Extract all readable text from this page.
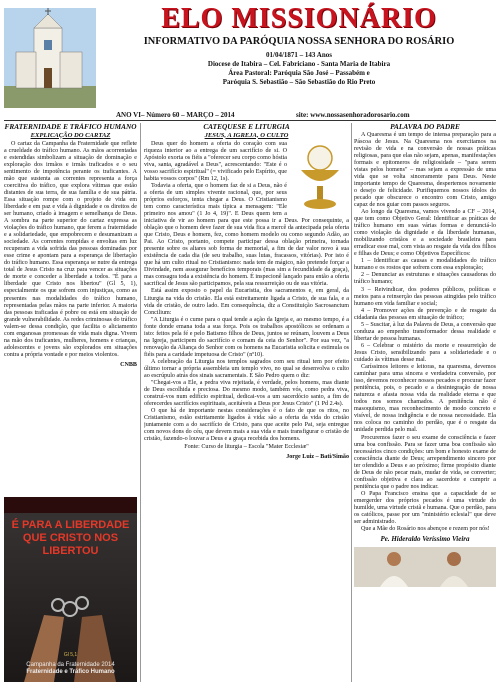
ELO MISSIONÁRIO
INFORMATIVO DA PARÓQUIA NOSSA SENHORA DO ROSÁRIO
01/04/1871 – 143 Anos
Diocese de Itabira – Cel. Fabriciano - Santa Maria de Itabira
Área Pastoral: Paróquia São José – Passabém e
Paróquia S. Sebastião – São Sebastião do Rio Preto
ANO VI– Número 60 – MARÇO – 2014	site: www.nossasenhoradorosario.com
FRATERNIDADE E TRÁFICO HUMANO
EXPLICAÇÃO DO CARTAZ

O cartaz da Campanha da Fraternidade que reflete a crueldade do tráfico humano. As mãos acorrentadas e estendidas simbolizam a situação de dominação e exploração dos irmãos e irmãs traficados e o seu sentimento de impotência perante os traficantes. A mão que sustenta as correntes representa a força coercitiva do tráfico, que explora vítimas que estão distantes de sua terra, de sua família e de sua pátria. Essa situação rompe com o projeto de vida em liberdade e em paz e vida à dignidade e os direitos de ser humano, criado à imagem e semelhança de Deus. A sombra na parte superior do cartaz expressa as violações do tráfico humano, que ferem a fraternidade e a solidariedade, que empobrecem e desumanizam a sociedade. As correntes rompidas e envoltas em luz recuperam a vida sofrida das pessoas dominadas por esse crime e apontam para a esperança de libertação do tráfico humano. Essa esperança se nutre da entrega total de Jesus Cristo na cruz para vencer as situações de morte e conceder a liberdade a todos. "É para a liberdade que Cristo nos libertou" (Gl 5, 1), especialmente os que sofrem com injustiças, como as presentes nas modalidades do tráfico humano, representadas pelas mãos na parte inferior. A maioria das pessoas traficadas é pobre ou está em situação de grande vulnerabilidade. As redes criminosas do tráfico valem-se dessa condição, que facilita o aliciamento com enganosas promessas de vida mais digna. Vivem na mão dos traficantes, mulheres, homens e crianças, adolescentes e jovens são explorados em situações contra a própria vontade e por meios violentos.

CNBB
É PARA A LIBERDADE QUE CRISTO NOS LIBERTOU
Gl 5,1
Campanha da Fraternidade 2014
Fraternidade e Tráfico Humano
CATEQUESE E LITURGIA
JESUS, A IGREJA, O CULTO

Deus quer do homem a oferta do coração com sua riqueza interior ao a entrega de um sacrifício de si. O Apóstolo exorta os fiéis a "oferecer seu corpo como hóstia viva, santa, agradável a Deus", acrescentando: "Este é o vosso sacrifício espiritual" (= vivificado pelo Espírito, que habita vossos corpos" (Rm 12, 1s).

Todavia a oferta, que o homem faz de si a Deus, não é a oferta de um simples vivente racional, que, por seus próprios esforços, tenta chegar a Deus. O Cristianismo tem como característica mais típica a mensagem: "Ele primeiro nos amou" (1 Jo 4, 19)". E Deus quem tem a iniciativa de vir ao homem para que este possa ir a Deus. Por consequinte, a oblação que o homem deve fazer de sua vida fica a mercê da antecipada pela oferta que Cristo, Deus e homem, fez, como homem modelo ou como segundo Adão, ao Pai. Ao Cristo, portanto, compete participar dessa oblação primeira, tornada presente sobre os altares sob forma de memorial, a fim de dar valor novo à sua existência de cada dia (de seu trabalho, suas lutas, fracassos, vitórias). Por isto é que há um culto ritual no Cristianismo: nada tem de mágico, não pretende forçar a Divindade, nem assegurar benefícios temporais (mas sim a fecundidade da graça), mas consagra toda a existência do homem. É inspecionê lançado para então a oferta sacrifical de Jesus são participamos, pela sua ressurreição ou de sua vitória.

Está assim exposto o papel da Eucaristia, dos sacramentos e, em geral, da Liturgia na vida do cristão. Ela está estreitamente ligada a Cristo, de sua fala, e a vida de cristão, de outro lado. Em consequência, diz a Constituição Sacrosanctum Concilium:

"A Liturgia é o cume para o qual tende a ação da Igreja e, ao mesmo tempo, é a fonte donde emana toda a sua força. Pois os trabalhos apostólicos se ordenam a isto: feitos pela fé e pelo Batismo filhos de Deus, juntos se reúnam, louvem a Deus na Igreja, participem do sacrifício e comam da ceia do Senhor". Por sua vez, "a renovação da Aliança do Senhor com os homens na Eucaristia solicita e estimula os fiéis para a caridade impetuosa de Cristo" (nº10).

A celebração da Liturgia nos templos sagrados com seu ritual tem por efeito último tornar a própria assembleia um templo vivo, no qual se desenvolva o culto ao escrúpulo atrás dos sinais sacramentais. E São Pedro quem o diz:

"Chegai-vos a Ele, a pedra viva rejeitada, é verdade, pelos homens, mas diante de Deus escolhida e preciosa. Do mesmo modo, também vós, como pedra viva, construí-vos num edifício espiritual, dedicai-vos a um sacerdócio santo, a fim de oferecerdes sacrifícios espirituais, aceitáveis a Deus por Jesus Cristo" (1 Pd 2.4s).

O que há de importante nestas considerações é o fato de que os ritos, no Cristianismo, estão estritamente ligados à vida: são a oferta da vida do cristão juntamente com a do sacrifício de Cristo, para que aceite pelo Pai, seja entregue com novos dons do céu, que devem mais a sua vida e mais transfigurar o cristão de cristão, fazendo-o louvar a Deus e a graça recebida dos homens.

Fonte: Curso de liturgia – Escola "Mater Ecclesiæ"
Jorge Luiz – Bati/Simão
PALAVRA DO PADRE

A Quaresma é um tempo de intensa preparação para a Páscoa de Jesus. Na Quaresma nos exercitamos na revisão de vida e na conversão de nossas práticas religiosas, para que elas não sejam, apenas, manifestações formais e epitomeros de religiosidade – "para serem vistas pelos homens" – mas sejam a expressão de uma vida que se volta sinceramente para Deus. Neste importante tempo de Quaresma, despertemos novamente o desejo de felicidade. Purifiquemos nossos ídolos do pecado que obscurece o encontro com Cristo, amigo capaz de nos guiar com passos seguros.

Ao longo da Quaresma, vamos vivendo a CF – 2014, que tem como Objetivo Geral: Identificar as práticas de tráfico humano em suas várias formas e denunciá-lo como violação da dignidade e da liberdade humanas, mobilizando cristãos e a sociedade brasileira para erradicar esse mal, com vista ao resgate da vida dos filhos e filhas de Deus; e como Objetivos Específicos:

1 – Identificar as causas e modalidades do tráfico humano e os rostos que sofrem com essa exploração;

2 – Denunciar as estruturas e situações causadoras do tráfico humano;

3 – Reivindicar, dos poderes públicos, políticas e meios para a reinserção das pessoas atingidas pelo tráfico humano em vida familiar e social;

4 – Promover ações de prevenção e de resgate da cidadania das pessoas em situação de tráfico;

5 – Suscitar, à luz da Palavra de Deus, a conversão que conduza ao empenho transformador dessa realidade e libertar de pessoa humanas.

6 – Celebrar o mistério da morte e ressurreição de Jesus Cristo, sensibilizando para a solidariedade e o cuidado às vítimas desse mal.

Caríssimos leitores e leitoras, na quaresma, devemos caminhar para uma sincera e verdadeira conversão, por isso, devemos reconhecer nossos pecados e procurar fazer penitência, pois, o pecado e a desintegração de nossa natureza e afasta nossa vida da realidade eterna e que todos nos somos chamados. A penitência não é masoquismo, mas reconhecimento de modo concreto e visível, de nossa indigência e de nossa necessidade. Ela nos coloca no caminho do perdão, que é o resgate da unidade perdida pelo mal.

Procuremos fazer o seu exame de consciência e fazer uma boa confissão. Para se fazer uma boa confissão são necessários cinco condições: um bom e honesto exame de consciência diante de Deus; arrependimento sincero por ter ofendido a Deus e ao próximo; firme propósito diante de Deus de não pecar mais, mudar de vida, se converter; confissão objetiva e clara ao sacerdote e cumprir a penitência que o padre nos indicar.

O Papa Francisco ensina que a capacidade de se emergerder dos próprios pecados é uma virtude do humilde, uma virtude cristã e humana. Que o perdão, para os católicos, passe por um "ministério eclesial" que deve ser administrado.

Que a Mãe do Rosário nos abençoe e rezem por nós!

Pe. Hideraldo Veríssimo Vieira
